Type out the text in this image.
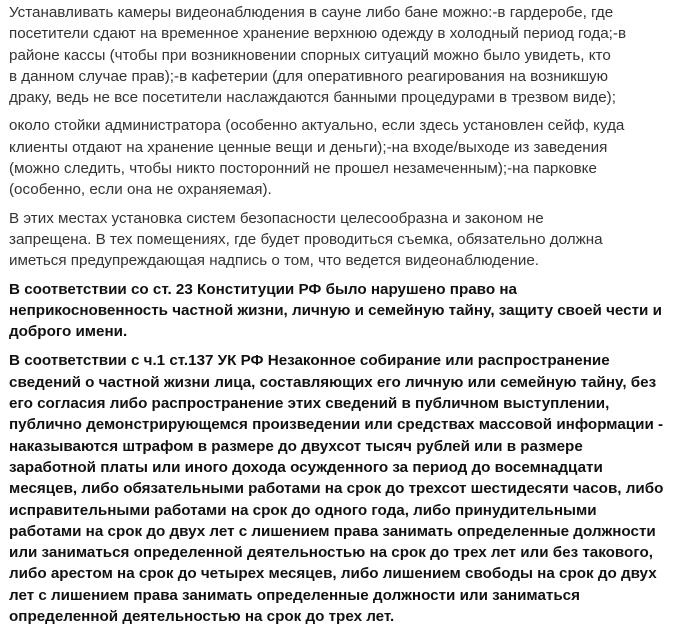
Устанавливать камеры видеонаблюдения в сауне либо бане можно:-в гардеробе, где
посетители сдают на временное хранение верхнюю одежду в холодный период года;-в
районе кассы (чтобы при возникновении спорных ситуаций можно было увидеть, кто
в данном случае прав);-в кафетерии (для оперативного реагирования на возникшую
драку, ведь не все посетители наслаждаются банными процедурами в трезвом виде);

около стойки администратора (особенно актуально, если здесь установлен сейф, куда
клиенты отдают на хранение ценные вещи и деньги);-на входе/выходе из заведения
(можно следить, чтобы никто посторонний не прошел незамеченным);-на парковке
(особенно, если она не охраняемая).

В этих местах установка систем безопасности целесообразна и законом не
запрещена. В тех помещениях, где будет проводиться съемка, обязательно должна
иметься предупреждающая надпись о том, что ведется видеонаблюдение.

В соответствии со ст. 23 Конституции РФ было нарушено право на
неприкосновенность частной жизни, личную и семейную тайну, защиту своей чести и
доброго имени.

В соответствии с ч.1 ст.137 УК РФ Незаконное собирание или распространение
сведений о частной жизни лица, составляющих его личную или семейную тайну, без
его согласия либо распространение этих сведений в публичном выступлении,
публично демонстрирующемся произведении или средствах массовой информации -
наказываются штрафом в размере до двухсот тысяч рублей или в размере
заработной платы или иного дохода осужденного за период до восемнадцати
месяцев, либо обязательными работами на срок до трехсот шестидесяти часов, либо
исправительными работами на срок до одного года, либо принудительными
работами на срок до двух лет с лишением права занимать определенные должности
или заниматься определенной деятельностью на срок до трех лет или без такового,
либо арестом на срок до четырех месяцев, либо лишением свободы на срок до двух
лет с лишением права занимать определенные должности или заниматься
определенной деятельностью на срок до трех лет.
